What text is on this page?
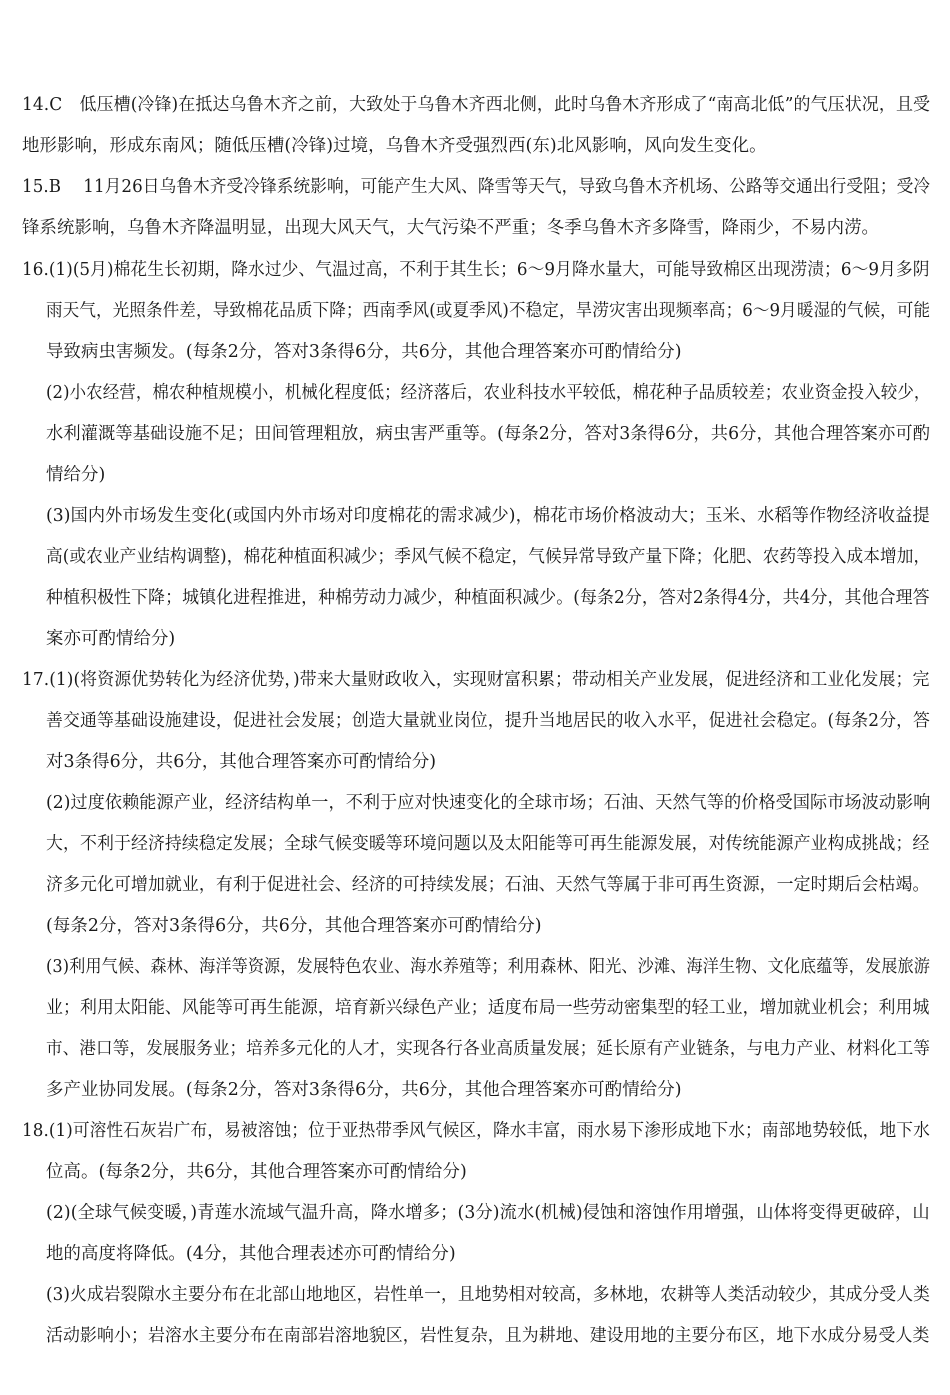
14.C　低压槽(冷锋)在抵达乌鲁木齐之前，大致处于乌鲁木齐西北侧，此时乌鲁木齐形成了“南高北低”的气压状况，且受
地形影响，形成东南风；随低压槽(冷锋)过境，乌鲁木齐受强烈西(东)北风影响，风向发生变化。
15.B　 11月26日乌鲁木齐受冷锋系统影响，可能产生大风、降雪等天气，导致乌鲁木齐机场、公路等交通出行受阻；受冷
锋系统影响，乌鲁木齐降温明显，出现大风天气，大气污染不严重；冬季乌鲁木齐多降雪，降雨少，不易内涝。
16.(1)(5月)棉花生长初期，降水过少、气温过高，不利于其生长；6～9月降水量大，可能导致棉区出现涝渍；6～9月多阴
雨天气，光照条件差，导致棉花品质下降；西南季风(或夏季风)不稳定，旱涝灾害出现频率高；6～9月暖湿的气候，可能
导致病虫害频发。(每条2分，答对3条得6分，共6分，其他合理答案亦可酌情给分)
(2)小农经营，棉农种植规模小，机械化程度低；经济落后，农业科技水平较低，棉花种子品质较差；农业资金投入较少，
水利灌溉等基础设施不足；田间管理粗放，病虫害严重等。(每条2分，答对3条得6分，共6分，其他合理答案亦可酌
情给分)
(3)国内外市场发生变化(或国内外市场对印度棉花的需求减少)，棉花市场价格波动大；玉米、水稻等作物经济收益提
高(或农业产业结构调整)，棉花种植面积减少；季风气候不稳定，气候异常导致产量下降；化肥、农药等投入成本增加，
种植积极性下降；城镇化进程推进，种棉劳动力减少，种植面积减少。(每条2分，答对2条得4分，共4分，其他合理答
案亦可酌情给分)
17.(1)(将资源优势转化为经济优势，)带来大量财政收入，实现财富积累；带动相关产业发展，促进经济和工业化发展；完
善交通等基础设施建设，促进社会发展；创造大量就业岗位，提升当地居民的收入水平，促进社会稳定。(每条2分，答
对3条得6分，共6分，其他合理答案亦可酌情给分)
(2)过度依赖能源产业，经济结构单一，不利于应对快速变化的全球市场；石油、天然气等的价格受国际市场波动影响
大，不利于经济持续稳定发展；全球气候变暖等环境问题以及太阳能等可再生能源发展，对传统能源产业构成挑战；经
济多元化可增加就业，有利于促进社会、经济的可持续发展；石油、天然气等属于非可再生资源，一定时期后会枯竭。
(每条2分，答对3条得6分，共6分，其他合理答案亦可酌情给分)
(3)利用气候、森林、海洋等资源，发展特色农业、海水养殖等；利用森林、阳光、沙滩、海洋生物、文化底蕴等，发展旅游
业；利用太阳能、风能等可再生能源，培育新兴绿色产业；适度布局一些劳动密集型的轻工业，增加就业机会；利用城
市、港口等，发展服务业；培养多元化的人才，实现各行各业高质量发展；延长原有产业链条，与电力产业、材料化工等
多产业协同发展。(每条2分，答对3条得6分，共6分，其他合理答案亦可酌情给分)
18.(1)可溶性石灰岩广布，易被溶蚀；位于亚热带季风气候区，降水丰富，雨水易下渗形成地下水；南部地势较低，地下水
位高。(每条2分，共6分，其他合理答案亦可酌情给分)
(2)(全球气候变暖，)青莲水流域气温升高，降水增多；(3分)流水(机械)侵蚀和溶蚀作用增强，山体将变得更破碎，山
地的高度将降低。(4分，其他合理表述亦可酌情给分)
(3)火成岩裂隙水主要分布在北部山地地区，岩性单一，且地势相对较高，多林地，农耕等人类活动较少，其成分受人类
活动影响小；岩溶水主要分布在南部岩溶地貌区，岩性复杂，且为耕地、建设用地的主要分布区，地下水成分易受人类
